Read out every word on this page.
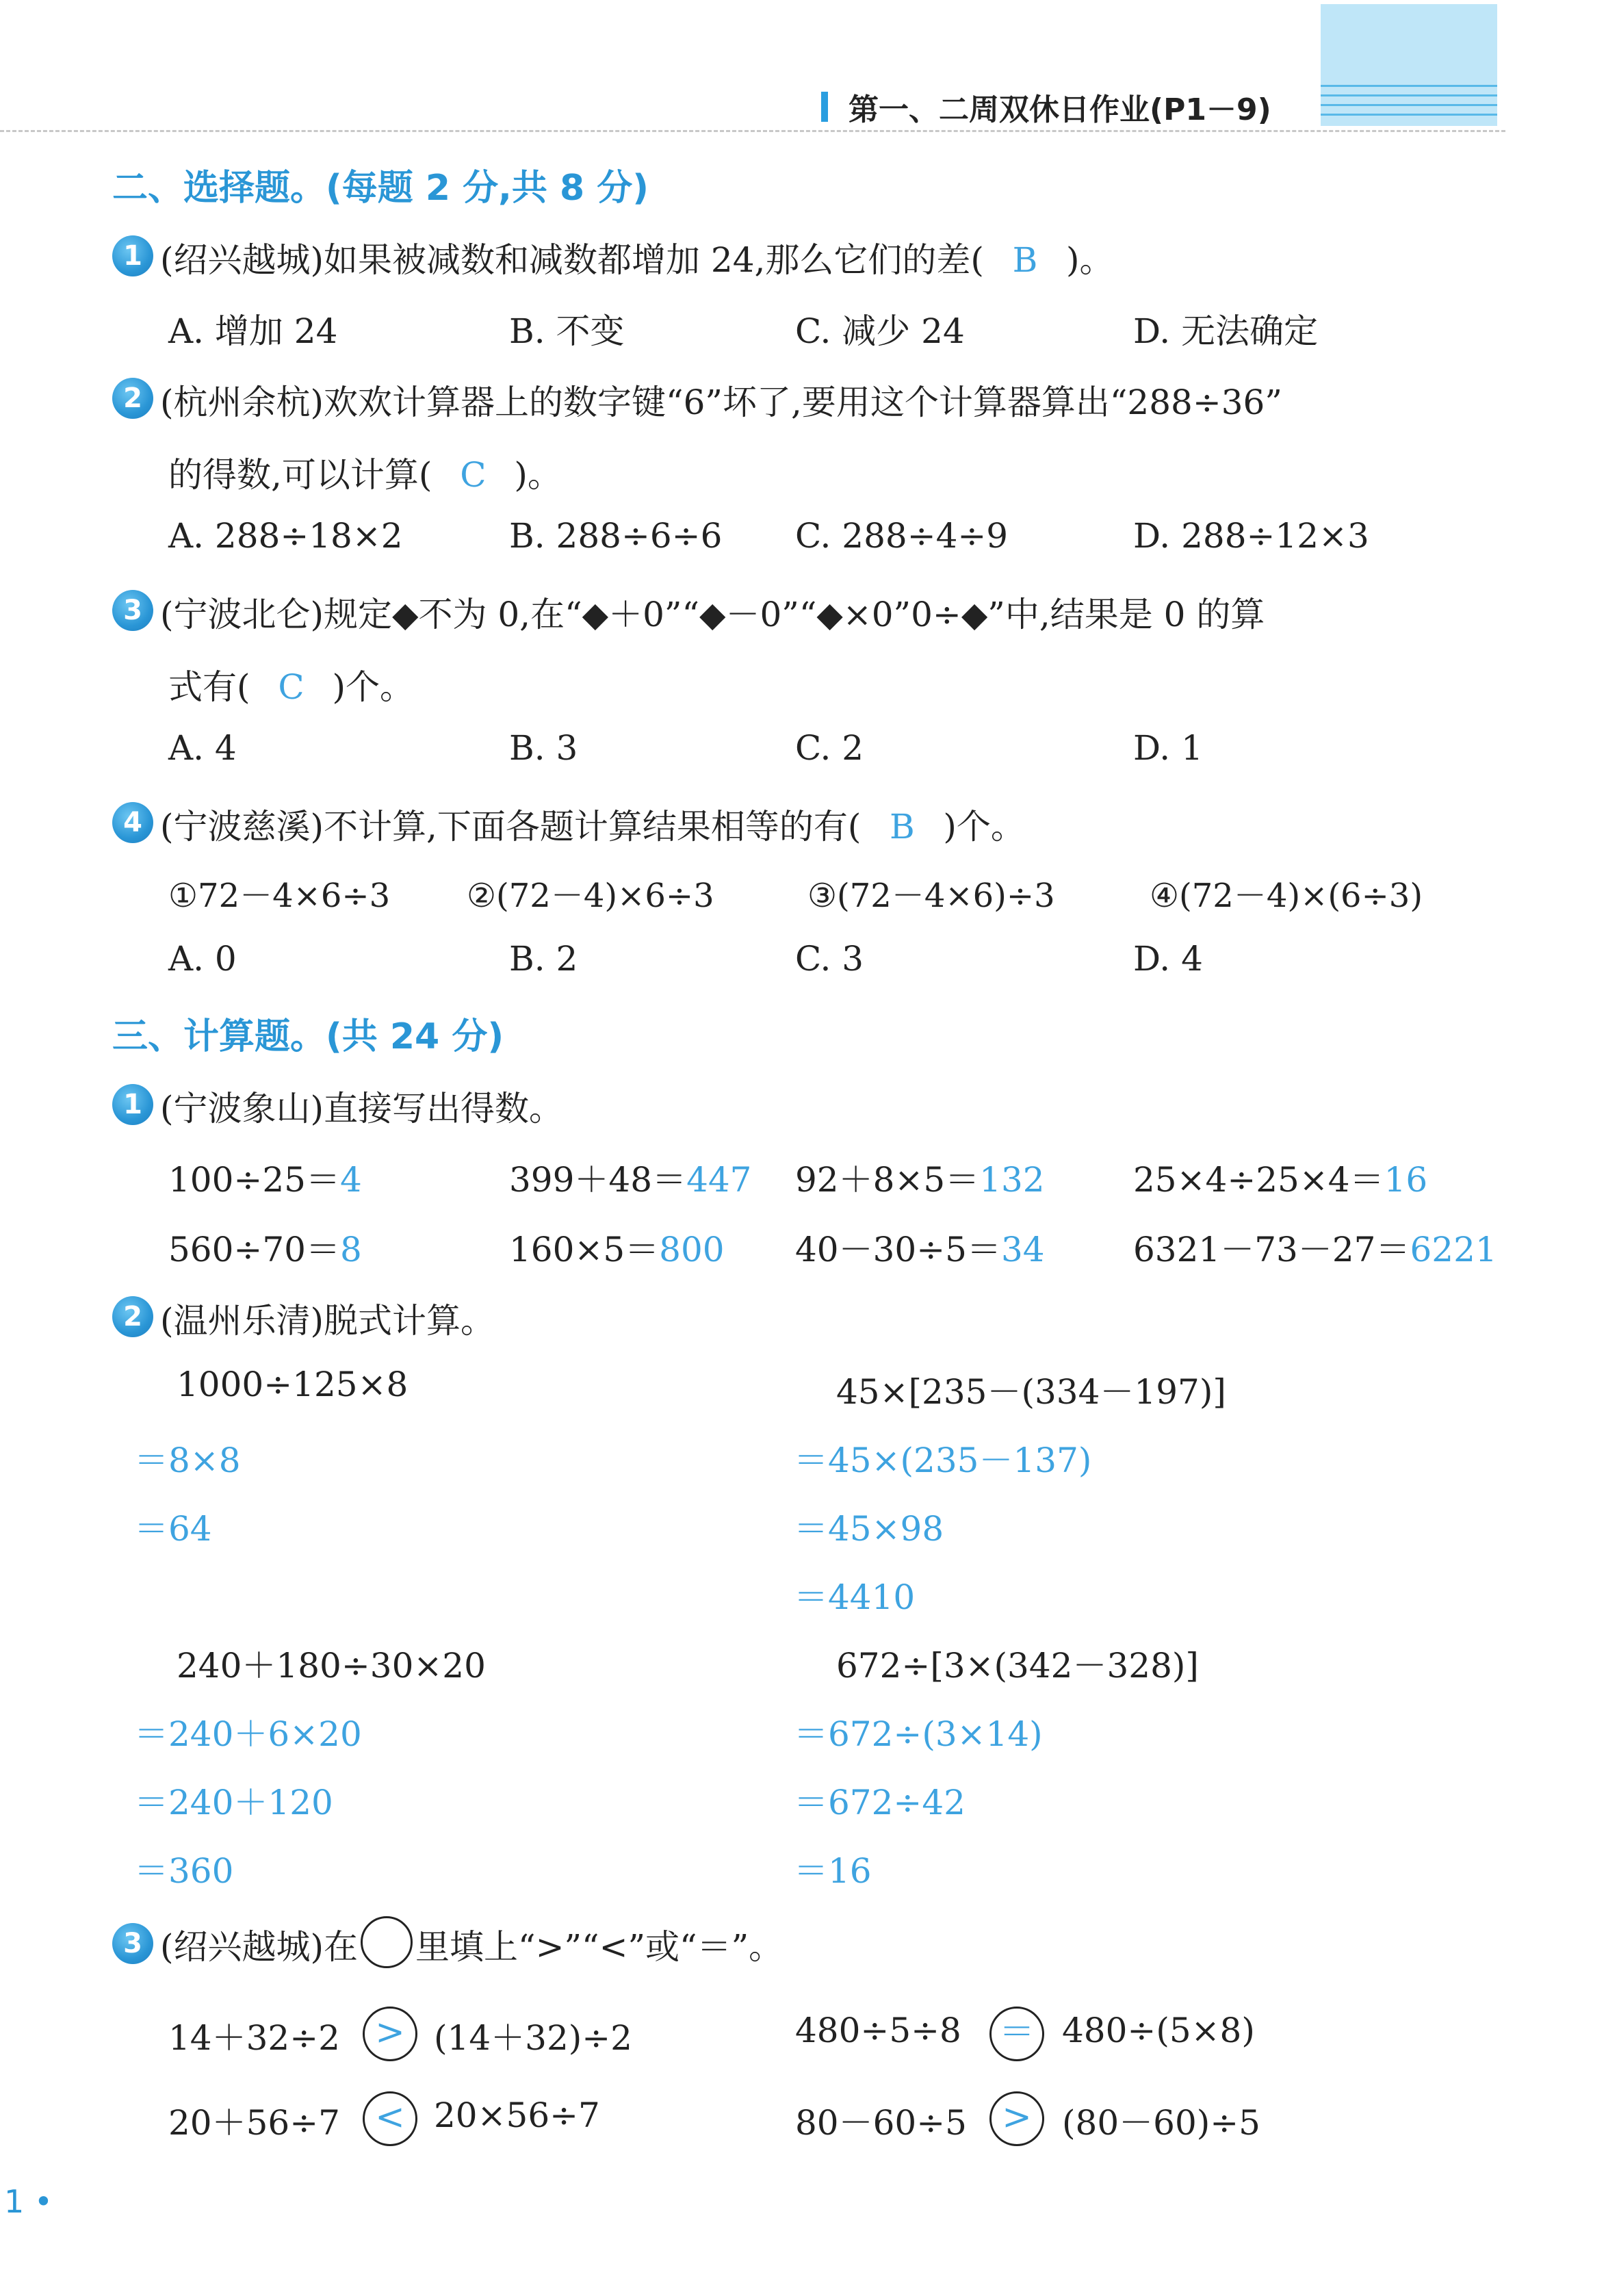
第一、二周双休日作业(P1－9)
二、选择题。(每题 2 分,共 8 分)
1 (绍兴越城)如果被减数和减数都增加 24,那么它们的差( B )。
A. 增加 24	B. 不变	C. 减少 24	D. 无法确定
2 (杭州余杭)欢欢计算器上的数字键“6”坏了,要用这个计算器算出“288÷36”
的得数,可以计算( C )。
A. 288÷18×2	B. 288÷6÷6 C. 288÷4÷9	D. 288÷12×3
3 (宁波北仑)规定◆不为 0,在“◆＋0”“◆－0”“◆×0”0÷◆”中,结果是 0 的算
式有( C )个。
A. 4	B. 3	C. 2	D. 1
4 (宁波慈溪)不计算,下面各题计算结果相等的有( B )个。
①72－4×6÷3 ②(72－4)×6÷3	③(72－4×6)÷3	④(72－4)×(6÷3)
A. 0	B. 2	C. 3	D. 4
三、计算题。(共 24 分)
1 (宁波象山)直接写出得数。
100÷25＝4	399＋48＝447 92＋8×5＝132	25×4÷25×4＝16
560÷70＝8	160×5＝800 40－30÷5＝34	6321－73－27＝6221
2 (温州乐清)脱式计算。
1000÷125×8
＝8×8
＝64
45×[235－(334－197)]
＝45×(235－137)
＝45×98
＝4410
240＋180÷30×20
＝240＋6×20
＝240＋120
＝360
672÷[3×(342－328)]
＝672÷(3×14)
＝672÷42
＝16
3 (绍兴越城)在 里填上“>”“<”或“＝”。
14＋32÷2 > (14＋32)÷2	480÷5÷8 ＝ 480÷(5×8)
20＋56÷7 < 20×56÷7	80－60÷5 > (80－60)÷5
1 •
